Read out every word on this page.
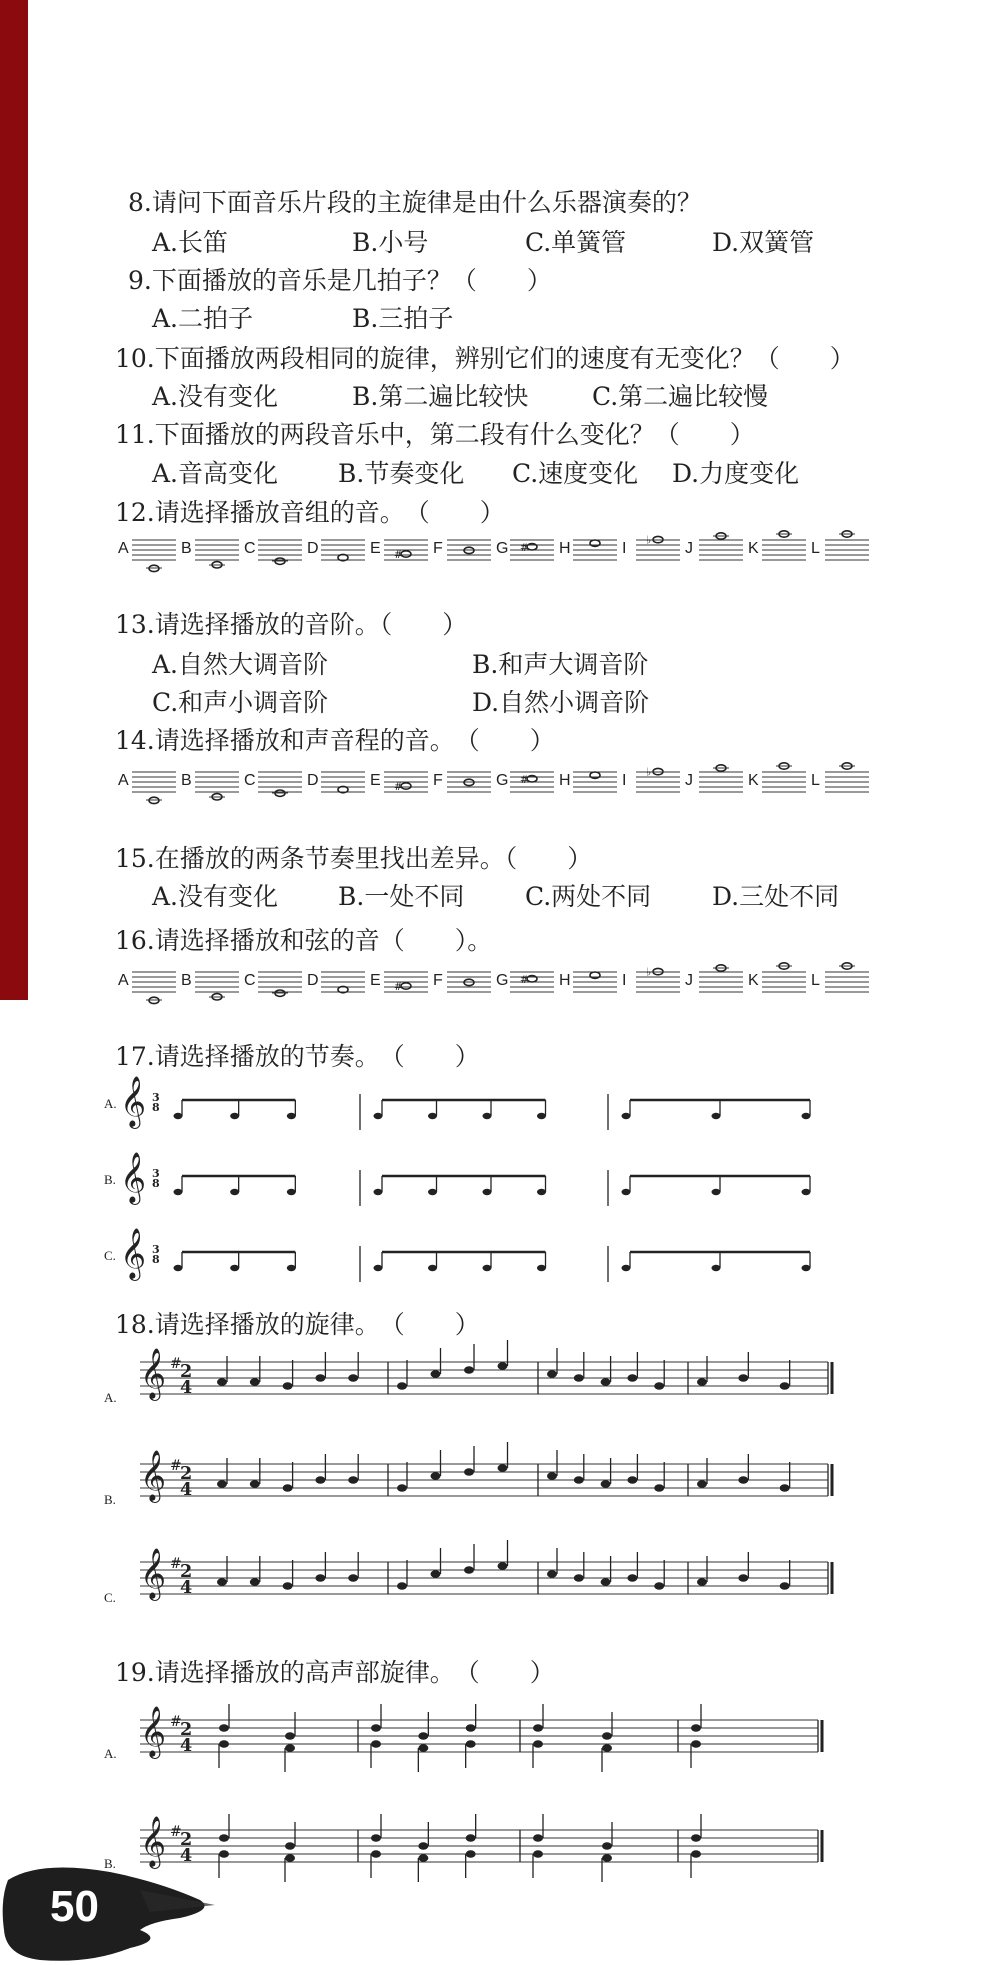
8.请问下面音乐片段的主旋律是由什么乐器演奏的？
A.长笛	B.小号	C.单簧管	D.双簧管
9.下面播放的音乐是几拍子？（　　）
A.二拍子	B.三拍子
10.下面播放两段相同的旋律，辨别它们的速度有无变化？（　　）
A.没有变化	B.第二遍比较快	C.第二遍比较慢
11.下面播放的两段音乐中，第二段有什么变化？（　　）
A.音高变化 B.节奏变化 C.速度变化 D.力度变化
12.请选择播放音组的音。　（　　）
A	B	C	D	E # F	G # H	I ♭ J	K	L
13.请选择播放的音阶。（　　）
A.自然大调音阶	B.和声大调音阶
C.和声小调音阶	D.自然小调音阶
14.请选择播放和声音程的音。　（　　）
A	B	C	D	E # F	G # H	I ♭ J	K	L
15.在播放的两条节奏里找出差异。（　　）
A.没有变化 B.一处不同 C.两处不同 D.三处不同
16.请选择播放和弦的音（　　）。
A	B	C	D	E # F	G # H	I ♭ J	K	L
17.请选择播放的节奏。　（　　）
A. 𝄞 3
8
B. 𝄞 3
8
C. 𝄞 3
8
18.请选择播放的旋律。　（　　）
A. 𝄞 #
2
4
B. 𝄞 #
2
4
C. 𝄞 #
2
4
19.请选择播放的高声部旋律。　（　　）
A. 𝄞 #
2
4
B. 𝄞 #
2
4
50
